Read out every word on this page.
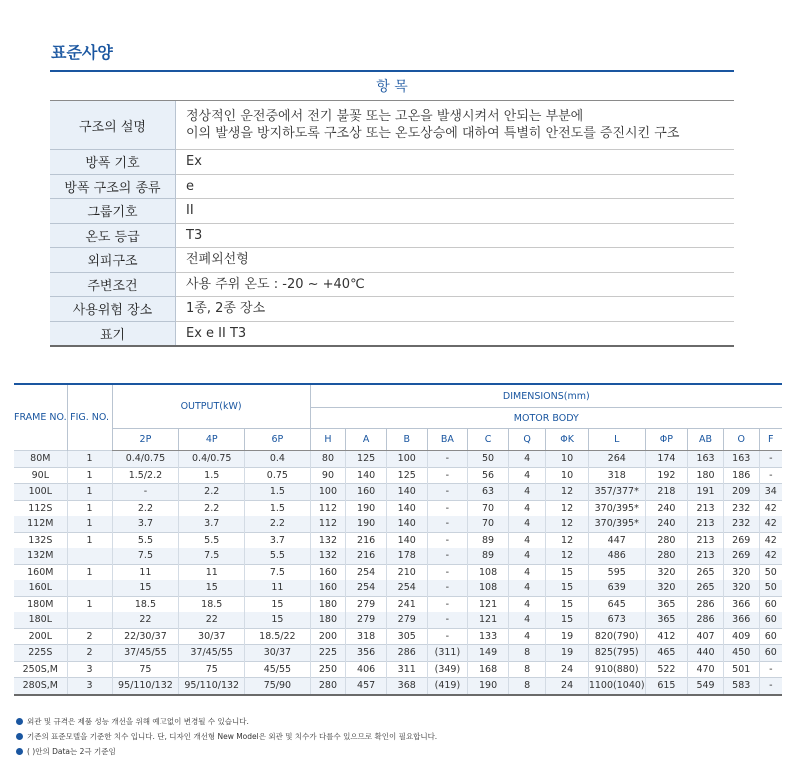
표준사양
항 목	
구조의 설명	정상적인 운전중에서 전기 불꽃 또는 고온을 발생시켜서 안되는 부분에
이의 발생을 방지하도록 구조상 또는 온도상승에 대하여 특별히 안전도를 증진시킨 구조

방폭 기호	Ex
방폭 구조의 종류	e
그룹기호	II
온도 등급	T3
외피구조	전폐외선형
주변조건	사용 주위 온도 : -20 ~ +40℃
사용위험 장소	1종, 2종 장소
표기	Ex e II T3
FRAME NO.	FIG. NO.	OUTPUT(kW)			DIMENSIONS(mm)											
					MOTOR BODY											
		2P	4P	6P	H	A	B	BA	C	Q	ΦK	L	ΦP	AB	O	F
80M	1	0.4/0.75	0.4/0.75	0.4	80	125	100	-	50	4	10	264	174	163	163	-
90L	1	1.5/2.2	1.5	0.75	90	140	125	-	56	4	10	318	192	180	186	-
100L	1	-	2.2	1.5	100	160	140	-	63	4	12	357/377*	218	191	209	34
112S	1	2.2	2.2	1.5	112	190	140	-	70	4	12	370/395*	240	213	232	42
112M	1	3.7	3.7	2.2	112	190	140	-	70	4	12	370/395*	240	213	232	42
132S	1	5.5	5.5	3.7	132	216	140	-	89	4	12	447	280	213	269	42
132M		7.5	7.5	5.5	132	216	178	-	89	4	12	486	280	213	269	42
160M	1	11	11	7.5	160	254	210	-	108	4	15	595	320	265	320	50
160L		15	15	11	160	254	254	-	108	4	15	639	320	265	320	50
180M	1	18.5	18.5	15	180	279	241	-	121	4	15	645	365	286	366	60
180L		22	22	15	180	279	279	-	121	4	15	673	365	286	366	60
200L	2	22/30/37	30/37	18.5/22	200	318	305	-	133	4	19	820(790)	412	407	409	60
225S	2	37/45/55	37/45/55	30/37	225	356	286	(311)	149	8	19	825(795)	465	440	450	60
250S,M	3	75	75	45/55	250	406	311	(349)	168	8	24	910(880)	522	470	501	-
280S,M	3	95/110/132	95/110/132	75/90	280	457	368	(419)	190	8	24	1100(1040)	615	549	583	-
외관 및 규격은 제품 성능 개선을 위해 예고없이 변경될 수 있습니다.
기존의 표준모델을 기준한 치수 입니다. 단, 디자인 개선형 New Model은 외관 및 치수가 다를수 있으므로 확인이 필요합니다.
( )안의 Data는 2극 기준임
